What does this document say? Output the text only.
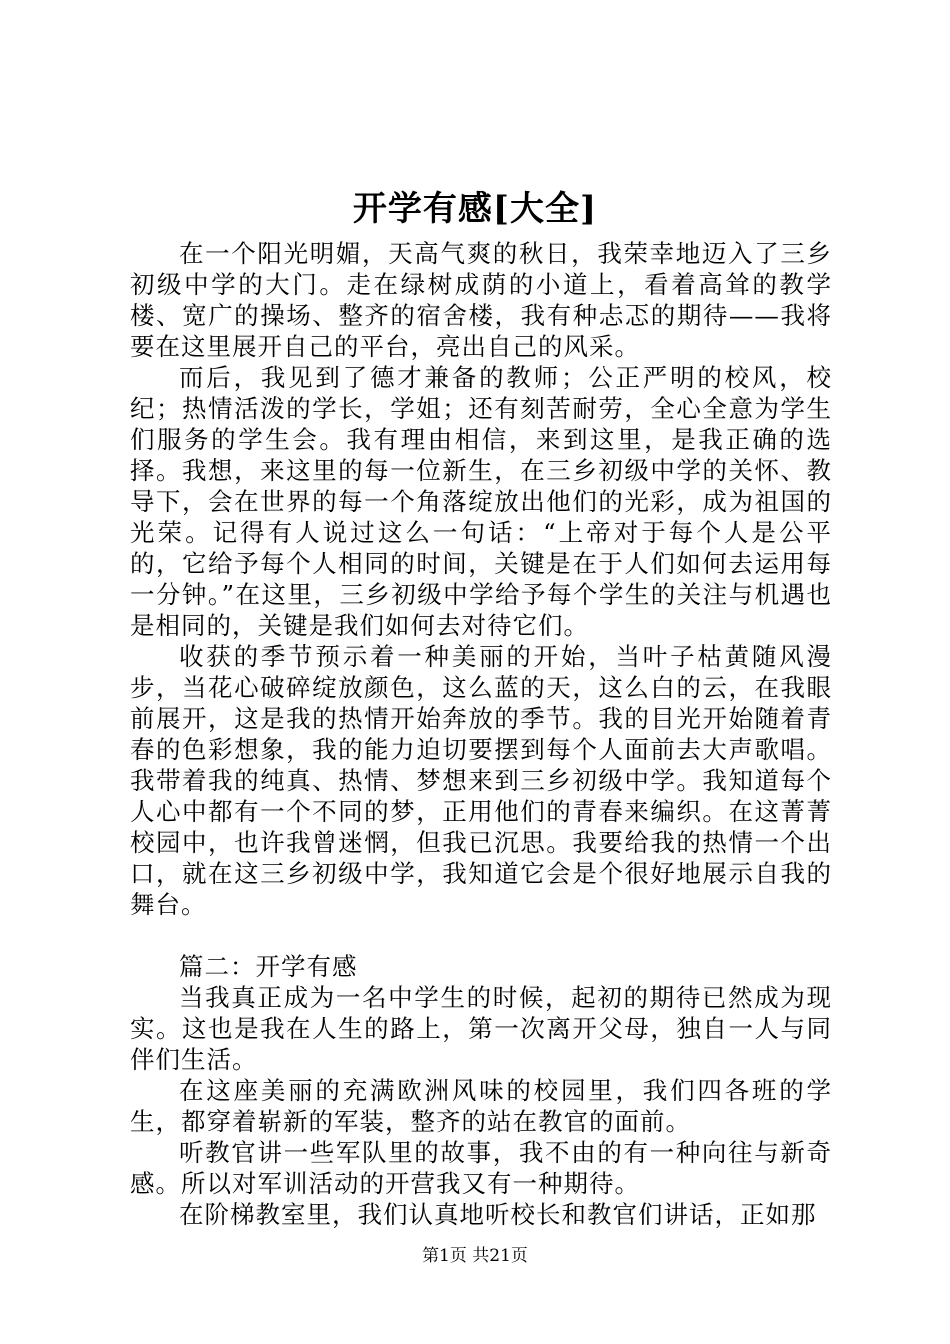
开学有感[大全]

在一个阳光明媚，天高气爽的秋日，我荣幸地迈入了三乡初级中学的大门。走在绿树成荫的小道上，看着高耸的教学楼、宽广的操场、整齐的宿舍楼，我有种忐忑的期待——我将要在这里展开自己的平台，亮出自己的风采。

而后，我见到了德才兼备的教师；公正严明的校风，校纪；热情活泼的学长，学姐；还有刻苦耐劳，全心全意为学生们服务的学生会。我有理由相信，来到这里，是我正确的选择。我想，来这里的每一位新生，在三乡初级中学的关怀、教导下，会在世界的每一个角落绽放出他们的光彩，成为祖国的光荣。记得有人说过这么一句话：“上帝对于每个人是公平的，它给予每个人相同的时间，关键是在于人们如何去运用每一分钟。”在这里，三乡初级中学给予每个学生的关注与机遇也是相同的，关键是我们如何去对待它们。

收获的季节预示着一种美丽的开始，当叶子枯黄随风漫步，当花心破碎绽放颜色，这么蓝的天，这么白的云，在我眼前展开，这是我的热情开始奔放的季节。我的目光开始随着青春的色彩想象，我的能力迫切要摆到每个人面前去大声歌唱。我带着我的纯真、热情、梦想来到三乡初级中学。我知道每个人心中都有一个不同的梦，正用他们的青春来编织。在这菁菁校园中，也许我曾迷惘，但我已沉思。我要给我的热情一个出口，就在这三乡初级中学，我知道它会是个很好地展示自我的舞台。

篇二：开学有感

当我真正成为一名中学生的时候，起初的期待已然成为现实。这也是我在人生的路上，第一次离开父母，独自一人与同伴们生活。

在这座美丽的充满欧洲风味的校园里，我们四各班的学生，都穿着崭新的军装，整齐的站在教官的面前。

听教官讲一些军队里的故事，我不由的有一种向往与新奇感。所以对军训活动的开营我又有一种期待。

在阶梯教室里，我们认真地听校长和教官们讲话，正如那

第1页 共21页
